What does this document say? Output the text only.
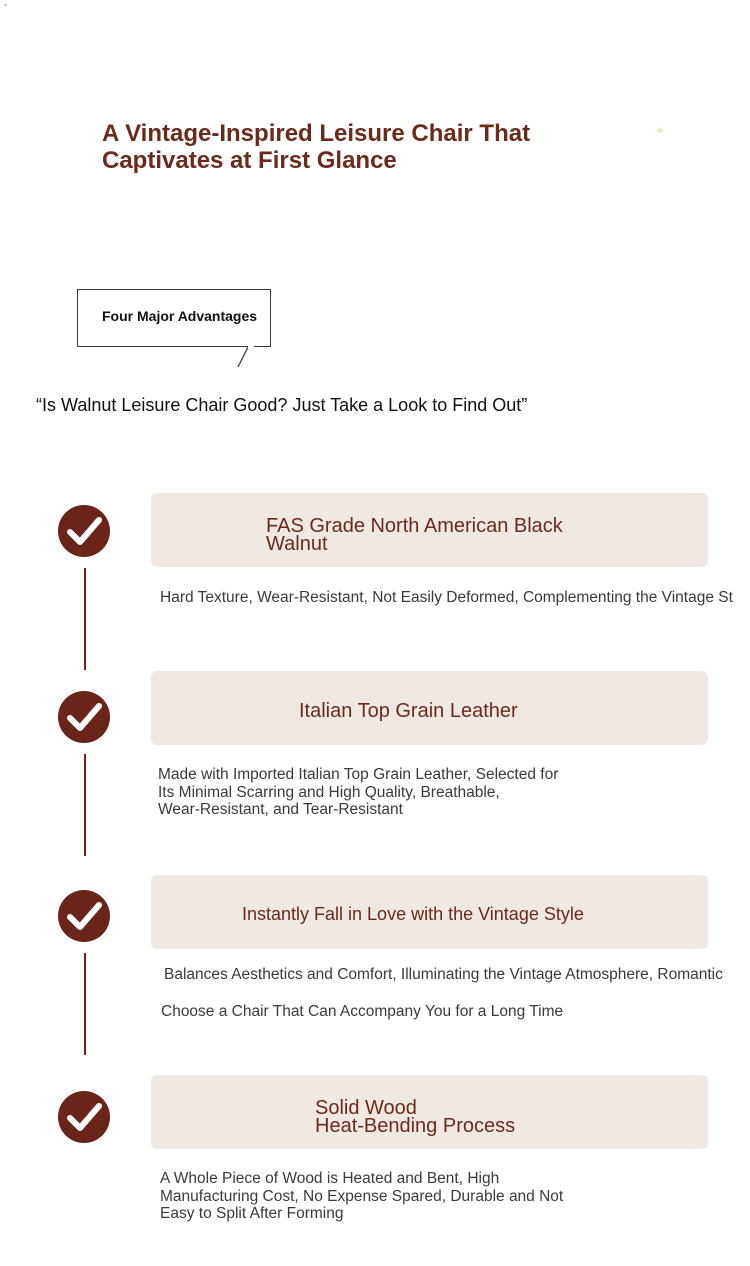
`
A Vintage-Inspired Leisure Chair That
Captivates at First Glance
✦
Four Major Advantages
“Is Walnut Leisure Chair Good? Just Take a Look to Find Out”
FAS Grade North American Black
Walnut
Hard Texture, Wear-Resistant, Not Easily Deformed, Complementing the Vintage St
Italian Top Grain Leather
Made with Imported Italian Top Grain Leather, Selected for
Its Minimal Scarring and High Quality, Breathable,
Wear-Resistant, and Tear-Resistant
Instantly Fall in Love with the Vintage Style
Balances Aesthetics and Comfort, Illuminating the Vintage Atmosphere, Romantic
Choose a Chair That Can Accompany You for a Long Time
Solid Wood
Heat-Bending Process
A Whole Piece of Wood is Heated and Bent, High
Manufacturing Cost, No Expense Spared, Durable and Not
Easy to Split After Forming
